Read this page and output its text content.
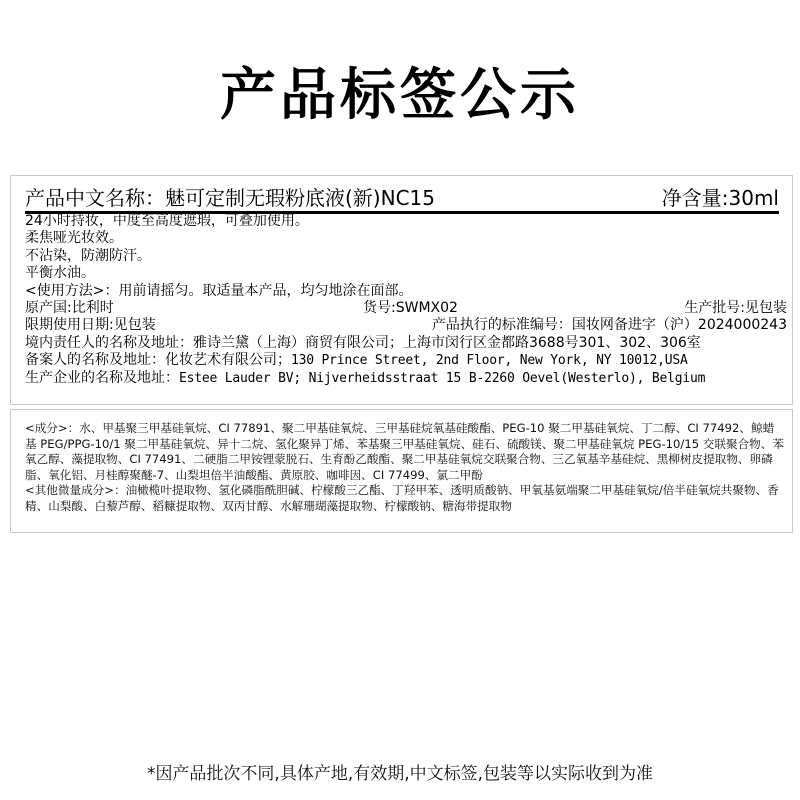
产品标签公示
产品中文名称：魅可定制无瑕粉底液(新)NC15	净含量:30ml
24小时持妆，中度至高度遮瑕，可叠加使用。
柔焦哑光妆效。
不沾染，防潮防汗。
平衡水油。
<使用方法>：用前请摇匀。取适量本产品，均匀地涂在面部。
原产国:比利时	货号:SWMX02	生产批号:见包装
限期使用日期:见包装	产品执行的标准编号：国妆网备进字（沪）2024000243
境内责任人的名称及地址：雅诗兰黛（上海）商贸有限公司；上海市闵行区金都路3688号301、302、306室
备案人的名称及地址：化妆艺术有限公司；130 Prince Street, 2nd Floor, New York, NY 10012,USA
生产企业的名称及地址：Estee Lauder BV; Nijverheidsstraat 15 B-2260 Oevel(Westerlo), Belgium

<成分>：水、甲基聚三甲基硅氧烷、CI 77891、聚二甲基硅氧烷、三甲基硅烷氧基硅酸酯、PEG-10 聚二甲基硅氧烷、丁二醇、CI 77492、鲸蜡基 PEG/PPG-10/1 聚二甲基硅氧烷、异十二烷、氢化聚异丁烯、苯基聚三甲基硅氧烷、硅石、硫酸镁、聚二甲基硅氧烷 PEG-10/15 交联聚合物、苯氧乙醇、藻提取物、CI 77491、二硬脂二甲铵锂蒙脱石、生育酚乙酸酯、聚二甲基硅氧烷交联聚合物、三乙氧基辛基硅烷、黑柳树皮提取物、卵磷脂、氧化铝、月桂醇聚醚-7、山梨坦倍半油酸酯、黄原胶、咖啡因、CI 77499、氯二甲酚

<其他微量成分>：油橄榄叶提取物、氢化磷脂酰胆碱、柠檬酸三乙酯、丁羟甲苯、透明质酸钠、甲氧基氨端聚二甲基硅氧烷/倍半硅氧烷共聚物、香精、山梨酸、白藜芦醇、稻糠提取物、双丙甘醇、水解珊瑚藻提取物、柠檬酸钠、糖海带提取物

*因产品批次不同,具体产地,有效期,中文标签,包装等以实际收到为准
